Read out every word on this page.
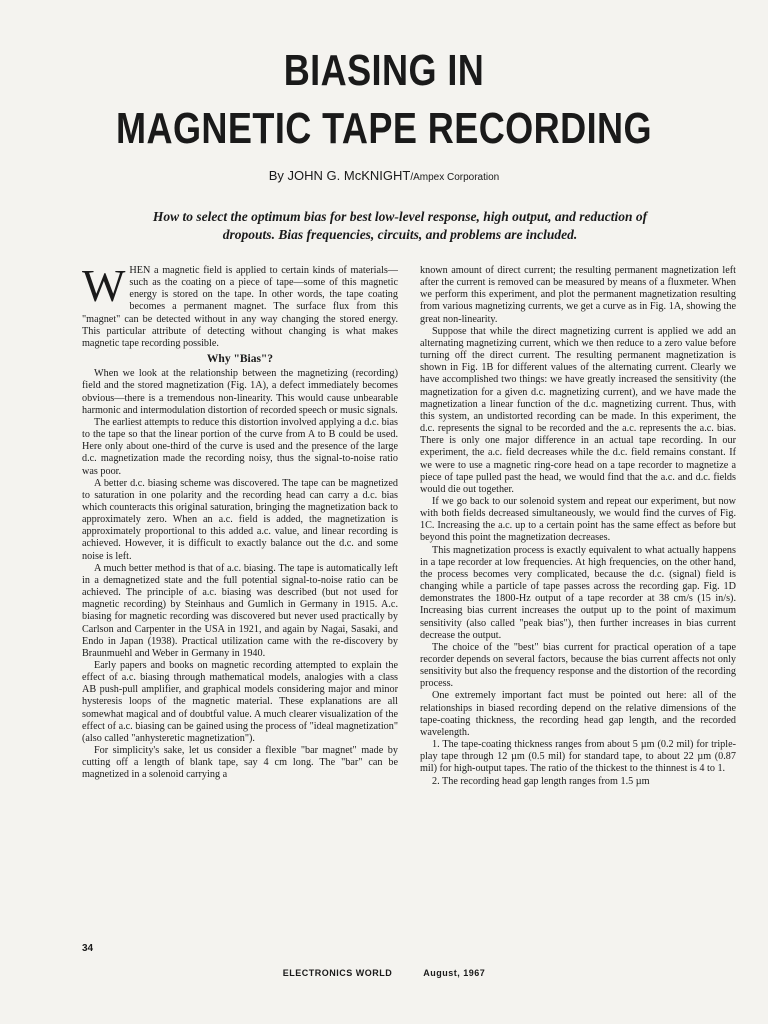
BIASING IN
MAGNETIC TAPE RECORDING
By JOHN G. McKNIGHT/Ampex Corporation
How to select the optimum bias for best low-level response, high output, and reduction of dropouts. Bias frequencies, circuits, and problems are included.

WHEN a magnetic field is applied to certain kinds of materials—such as the coating on a piece of tape—some of this magnetic energy is stored on the tape. In other words, the tape coating becomes a permanent magnet. The surface flux from this "magnet" can be detected without in any way changing the stored energy. This particular attribute of detecting without changing is what makes magnetic tape recording possible.

Why "Bias"?

When we look at the relationship between the magnetizing (recording) field and the stored magnetization (Fig. 1A), a defect immediately becomes obvious—there is a tremendous non-linearity. This would cause unbearable harmonic and intermodulation distortion of recorded speech or music signals.

The earliest attempts to reduce this distortion involved applying a d.c. bias to the tape so that the linear portion of the curve from A to B could be used. Here only about one-third of the curve is used and the presence of the large d.c. magnetization made the recording noisy, thus the signal-to-noise ratio was poor.

A better d.c. biasing scheme was discovered. The tape can be magnetized to saturation in one polarity and the recording head can carry a d.c. bias which counteracts this original saturation, bringing the magnetization back to approximately zero. When an a.c. field is added, the magnetization is approximately proportional to this added a.c. value, and linear recording is achieved. However, it is difficult to exactly balance out the d.c. and some noise is left.

A much better method is that of a.c. biasing. The tape is automatically left in a demagnetized state and the full potential signal-to-noise ratio can be achieved. The principle of a.c. biasing was described (but not used for magnetic recording) by Steinhaus and Gumlich in Germany in 1915. A.c. biasing for magnetic recording was discovered but never used practically by Carlson and Carpenter in the USA in 1921, and again by Nagai, Sasaki, and Endo in Japan (1938). Practical utilization came with the re-discovery by Braunmuehl and Weber in Germany in 1940.

Early papers and books on magnetic recording attempted to explain the effect of a.c. biasing through mathematical models, analogies with a class AB push-pull amplifier, and graphical models considering major and minor hysteresis loops of the magnetic material. These explanations are all somewhat magical and of doubtful value. A much clearer visualization of the effect of a.c. biasing can be gained using the process of "ideal magnetization" (also called "anhysteretic magnetization").

For simplicity's sake, let us consider a flexible "bar magnet" made by cutting off a length of blank tape, say 4 cm long. The "bar" can be magnetized in a solenoid carrying a

known amount of direct current; the resulting permanent magnetization left after the current is removed can be measured by means of a fluxmeter. When we perform this experiment, and plot the permanent magnetization resulting from various magnetizing currents, we get a curve as in Fig. 1A, showing the great non-linearity.

Suppose that while the direct magnetizing current is applied we add an alternating magnetizing current, which we then reduce to a zero value before turning off the direct current. The resulting permanent magnetization is shown in Fig. 1B for different values of the alternating current. Clearly we have accomplished two things: we have greatly increased the sensitivity (the magnetization for a given d.c. magnetizing current), and we have made the magnetization a linear function of the d.c. magnetizing current. Thus, with this system, an undistorted recording can be made. In this experiment, the d.c. represents the signal to be recorded and the a.c. represents the a.c. bias. There is only one major difference in an actual tape recording. In our experiment, the a.c. field decreases while the d.c. field remains constant. If we were to use a magnetic ring-core head on a tape recorder to magnetize a piece of tape pulled past the head, we would find that the a.c. and d.c. fields would die out together.

If we go back to our solenoid system and repeat our experiment, but now with both fields decreased simultaneously, we would find the curves of Fig. 1C. Increasing the a.c. up to a certain point has the same effect as before but beyond this point the magnetization decreases.

This magnetization process is exactly equivalent to what actually happens in a tape recorder at low frequencies. At high frequencies, on the other hand, the process becomes very complicated, because the d.c. (signal) field is changing while a particle of tape passes across the recording gap. Fig. 1D demonstrates the 1800-Hz output of a tape recorder at 38 cm/s (15 in/s). Increasing bias current increases the output up to the point of maximum sensitivity (also called "peak bias"), then further increases in bias current decrease the output.

The choice of the "best" bias current for practical operation of a tape recorder depends on several factors, because the bias current affects not only sensitivity but also the frequency response and the distortion of the recording process.

One extremely important fact must be pointed out here: all of the relationships in biased recording depend on the relative dimensions of the tape-coating thickness, the recording head gap length, and the recorded wavelength.

1. The tape-coating thickness ranges from about 5 µm (0.2 mil) for triple-play tape through 12 µm (0.5 mil) for standard tape, to about 22 µm (0.87 mil) for high-output tapes. The ratio of the thickest to the thinnest is 4 to 1.

2. The recording head gap length ranges from 1.5 µm

34
ELECTRONICS WORLD	August, 1967
